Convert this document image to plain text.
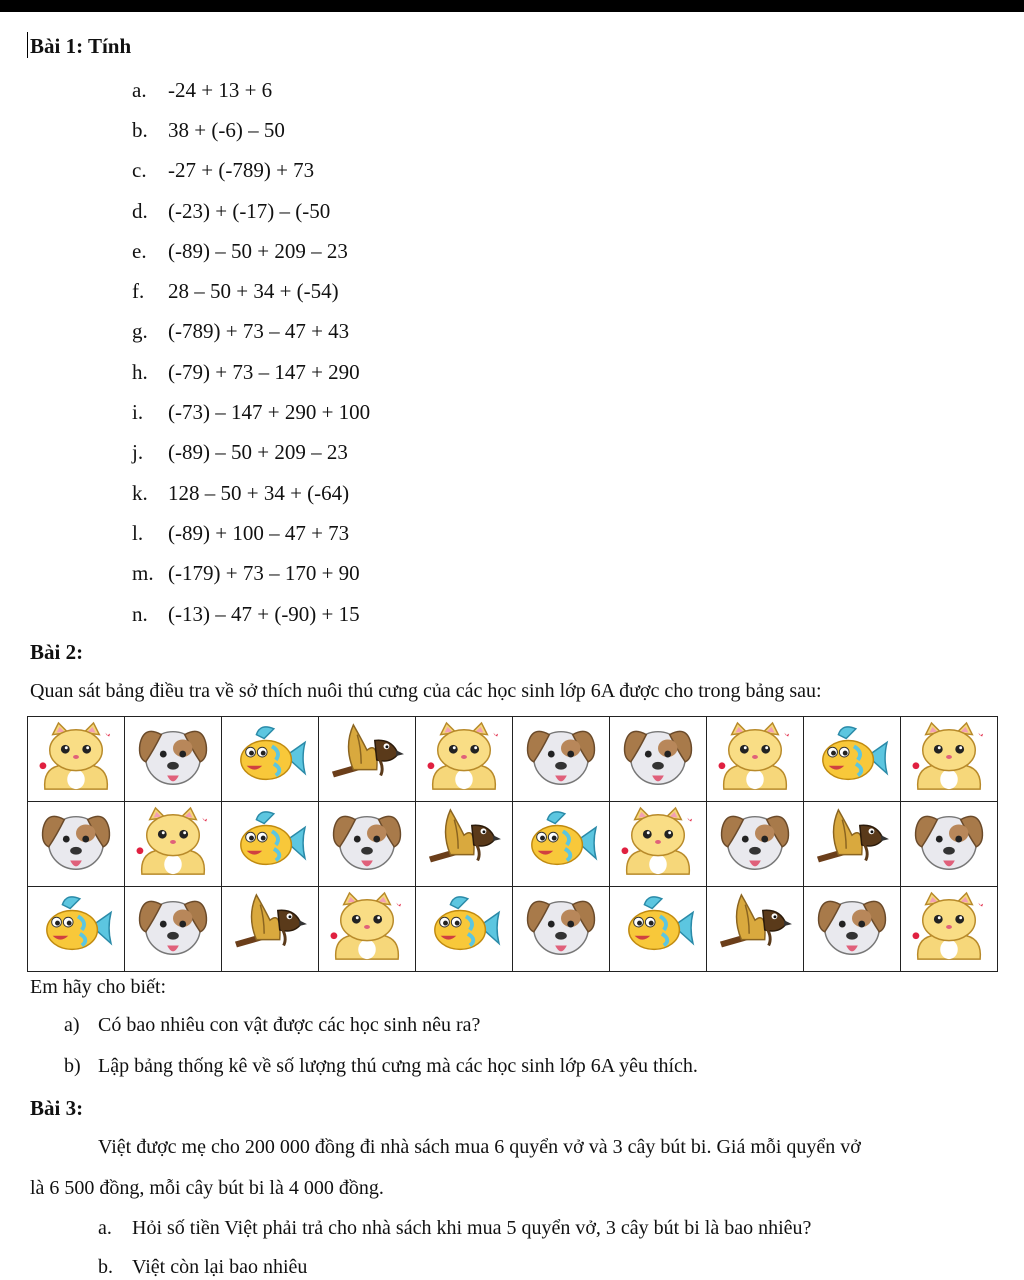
Bài 1: Tính
a.	-24 + 13 + 6
b. 38 + (-6) – 50
c.	-27 + (-789) + 73
d. (-23) + (-17) – (-50
e.	(-89) – 50 + 209 – 23
f.	28 – 50 + 34 + (-54)
g. (-789) + 73 – 47 + 43
h. (-79) + 73 – 147 + 290
i.	(-73) – 147 + 290 + 100
j.	(-89) – 50 + 209 – 23
k. 128 – 50 + 34 + (-64)
l.	(-89) + 100 – 47 + 73
m. (-179) + 73 – 170 + 90
n. (-13) – 47 + (-90) + 15
Bài 2:
Quan sát bảng điều tra về sở thích nuôi thú cưng của các học sinh lớp 6A được cho trong bảng sau:

Em hãy cho biết:
a) Có bao nhiêu con vật được các học sinh nêu ra?
b) Lập bảng thống kê về số lượng thú cưng mà các học sinh lớp 6A yêu thích.
Bài 3:
Việt được mẹ cho 200 000 đồng đi nhà sách mua 6 quyển vở và 3 cây bút bi. Giá mỗi quyển vở
là 6 500 đồng, mỗi cây bút bi là 4 000 đồng.
a. Hỏi số tiền Việt phải trả cho nhà sách khi mua 5 quyển vở, 3 cây bút bi là bao nhiêu?
b. Việt còn lại bao nhiêu
